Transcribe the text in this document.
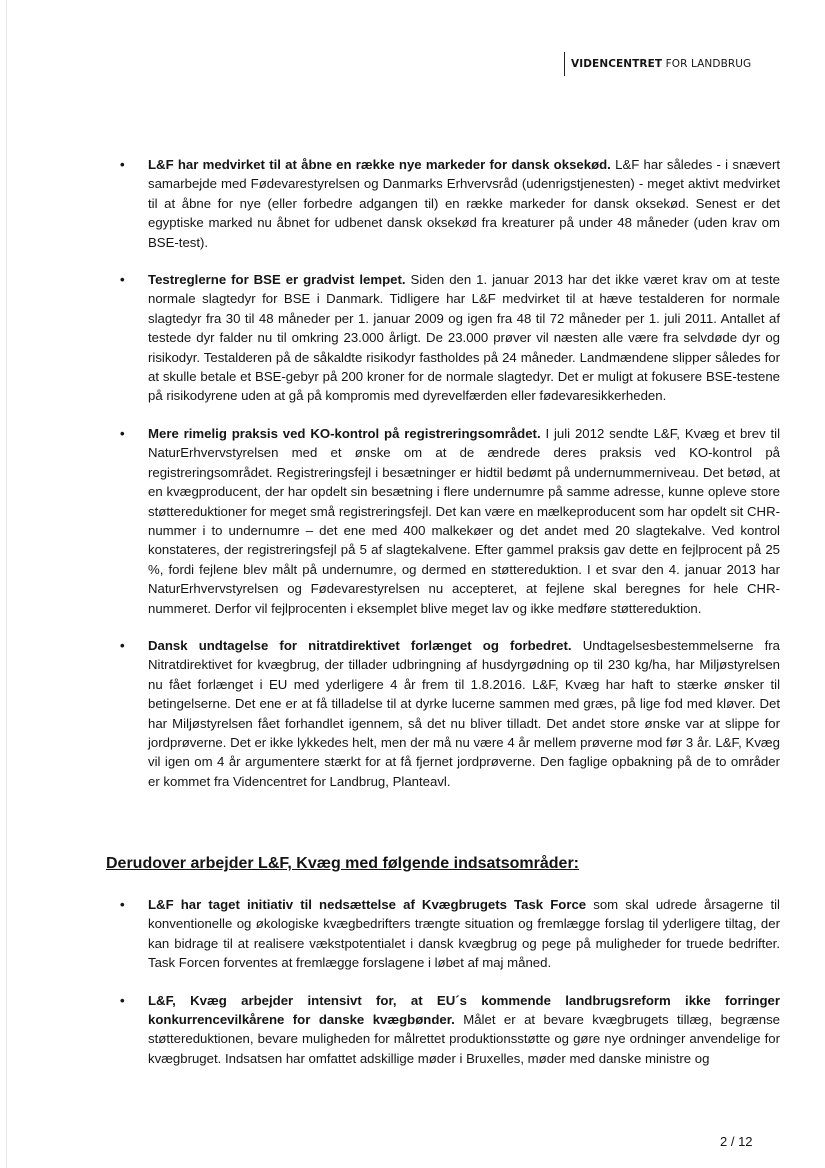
VIDENCENTRET FOR LANDBRUG

• L&F har medvirket til at åbne en række nye markeder for dansk oksekød. L&F har således - i snævert samarbejde med Fødevarestyrelsen og Danmarks Erhvervsråd (udenrigstjenesten) - meget aktivt medvirket til at åbne for nye (eller forbedre adgangen til) en række markeder for dansk oksekød. Senest er det egyptiske marked nu åbnet for udbenet dansk oksekød fra kreaturer på under 48 måneder (uden krav om BSE-test).

• Testreglerne for BSE er gradvist lempet. Siden den 1. januar 2013 har det ikke været krav om at teste normale slagtedyr for BSE i Danmark. Tidligere har L&F medvirket til at hæve testalderen for normale slagtedyr fra 30 til 48 måneder per 1. januar 2009 og igen fra 48 til 72 måneder per 1. juli 2011. Antallet af testede dyr falder nu til omkring 23.000 årligt. De 23.000 prøver vil næsten alle være fra selvdøde dyr og risikodyr. Testalderen på de såkaldte risikodyr fastholdes på 24 måneder. Landmændene slipper således for at skulle betale et BSE-gebyr på 200 kroner for de normale slagtedyr. Det er muligt at fokusere BSE-testene på risikodyrene uden at gå på kompromis med dyrevelfærden eller fødevaresikkerheden.

• Mere rimelig praksis ved KO-kontrol på registreringsområdet. I juli 2012 sendte L&F, Kvæg et brev til NaturErhvervstyrelsen med et ønske om at de ændrede deres praksis ved KO-kontrol på registreringsområdet. Registreringsfejl i besætninger er hidtil bedømt på undernummerniveau. Det betød, at en kvægproducent, der har opdelt sin besætning i flere undernumre på samme adresse, kunne opleve store støttereduktioner for meget små registreringsfejl. Det kan være en mælkeproducent som har opdelt sit CHR-nummer i to undernumre – det ene med 400 malkekøer og det andet med 20 slagtekalve. Ved kontrol konstateres, der registreringsfejl på 5 af slagtekalvene. Efter gammel praksis gav dette en fejlprocent på 25 %, fordi fejlene blev målt på undernumre, og dermed en støttereduktion. I et svar den 4. januar 2013 har NaturErhvervstyrelsen og Fødevarestyrelsen nu accepteret, at fejlene skal beregnes for hele CHR-nummeret. Derfor vil fejlprocenten i eksemplet blive meget lav og ikke medføre støttereduktion.

• Dansk undtagelse for nitratdirektivet forlænget og forbedret. Undtagelsesbestemmelserne fra Nitratdirektivet for kvægbrug, der tillader udbringning af husdyrgødning op til 230 kg/ha, har Miljøstyrelsen nu fået forlænget i EU med yderligere 4 år frem til 1.8.2016. L&F, Kvæg har haft to stærke ønsker til betingelserne. Det ene er at få tilladelse til at dyrke lucerne sammen med græs, på lige fod med kløver. Det har Miljøstyrelsen fået forhandlet igennem, så det nu bliver tilladt. Det andet store ønske var at slippe for jordprøverne. Det er ikke lykkedes helt, men der må nu være 4 år mellem prøverne mod før 3 år. L&F, Kvæg vil igen om 4 år argumentere stærkt for at få fjernet jordprøverne. Den faglige opbakning på de to områder er kommet fra Videncentret for Landbrug, Planteavl.

Derudover arbejder L&F, Kvæg med følgende indsatsområder:

• L&F har taget initiativ til nedsættelse af Kvægbrugets Task Force som skal udrede årsagerne til konventionelle og økologiske kvægbedrifters trængte situation og fremlægge forslag til yderligere tiltag, der kan bidrage til at realisere vækstpotentialet i dansk kvægbrug og pege på muligheder for truede bedrifter. Task Forcen forventes at fremlægge forslagene i løbet af maj måned.

• L&F, Kvæg arbejder intensivt for, at EU´s kommende landbrugsreform ikke forringer konkurrencevilkårene for danske kvægbønder. Målet er at bevare kvægbrugets tillæg, begrænse støttereduktionen, bevare muligheden for målrettet produktionsstøtte og gøre nye ordninger anvendelige for kvægbruget. Indsatsen har omfattet adskillige møder i Bruxelles, møder med danske ministre og

2 / 12
